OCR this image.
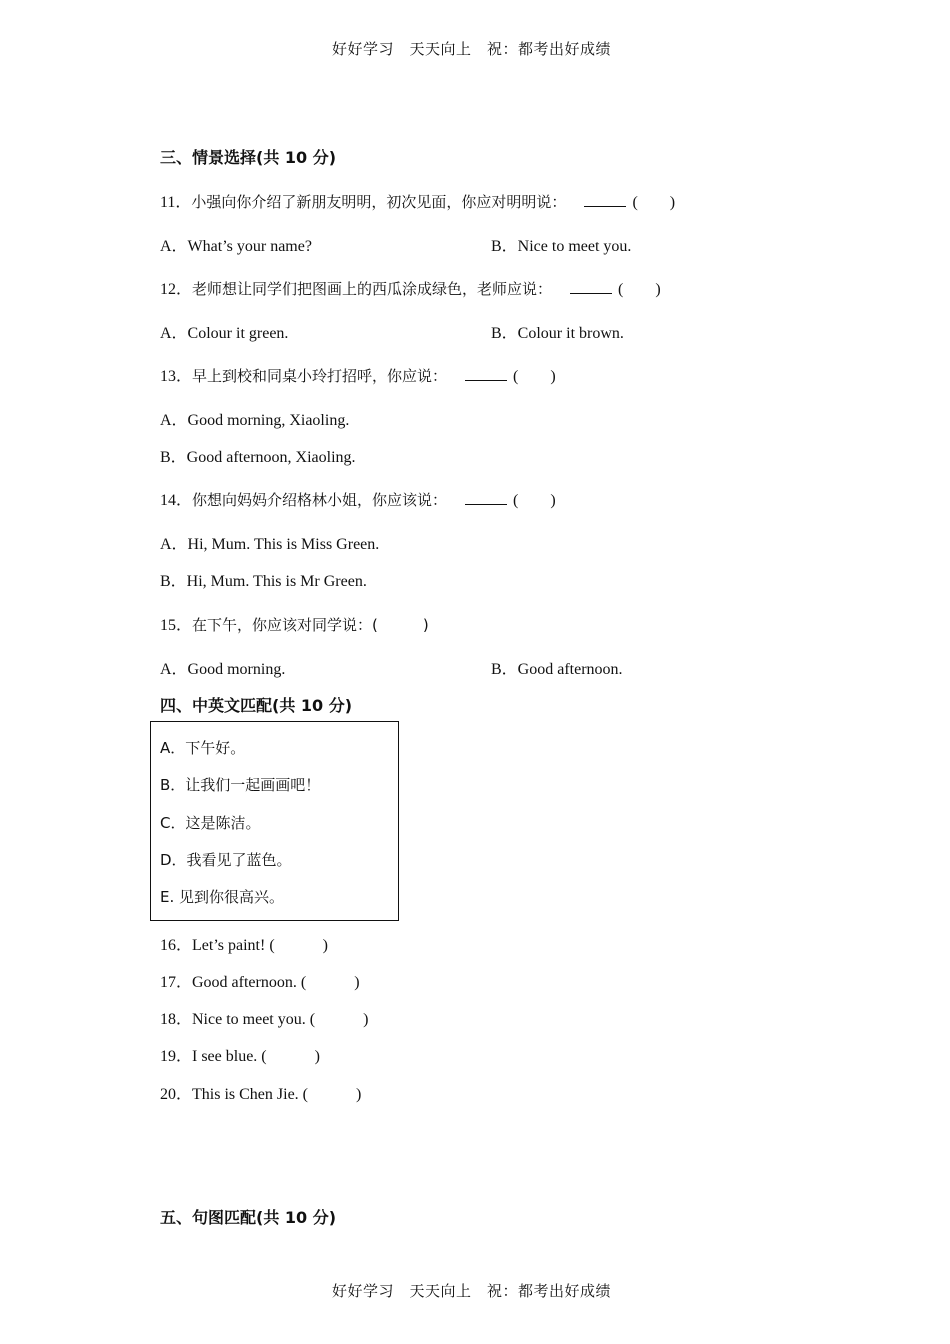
好好学习　天天向上　祝：都考出好成绩
三、情景选择(共 10 分)
11．小强向你介绍了新朋友明明，初次见面，你应对明明说：	(　　)
A．What’s your name?	B．Nice to meet you.
12．老师想让同学们把图画上的西瓜涂成绿色，老师应说：	(　　)
A．Colour it green.	B．Colour it brown.
13．早上到校和同桌小玲打招呼，你应说：	(　　)
A．Good morning, Xiaoling.
B．Good afternoon, Xiaoling.
14．你想向妈妈介绍格林小姐，你应该说：	(　　)
A．Hi, Mum. This is Miss Green.
B．Hi, Mum. This is Mr Green.
15．在下午，你应该对同学说：(　　　)
A．Good morning.	B．Good afternoon.
四、中英文匹配(共 10 分)
A．下午好。
B．让我们一起画画吧！
C．这是陈洁。
D．我看见了蓝色。
E. 见到你很高兴。
16．Let’s paint! (　　　)
17．Good afternoon. (　　　)
18．Nice to meet you. (　　　)
19．I see blue. (　　　)
20．This is Chen Jie. (　　　)
五、句图匹配(共 10 分)
好好学习　天天向上　祝：都考出好成绩
